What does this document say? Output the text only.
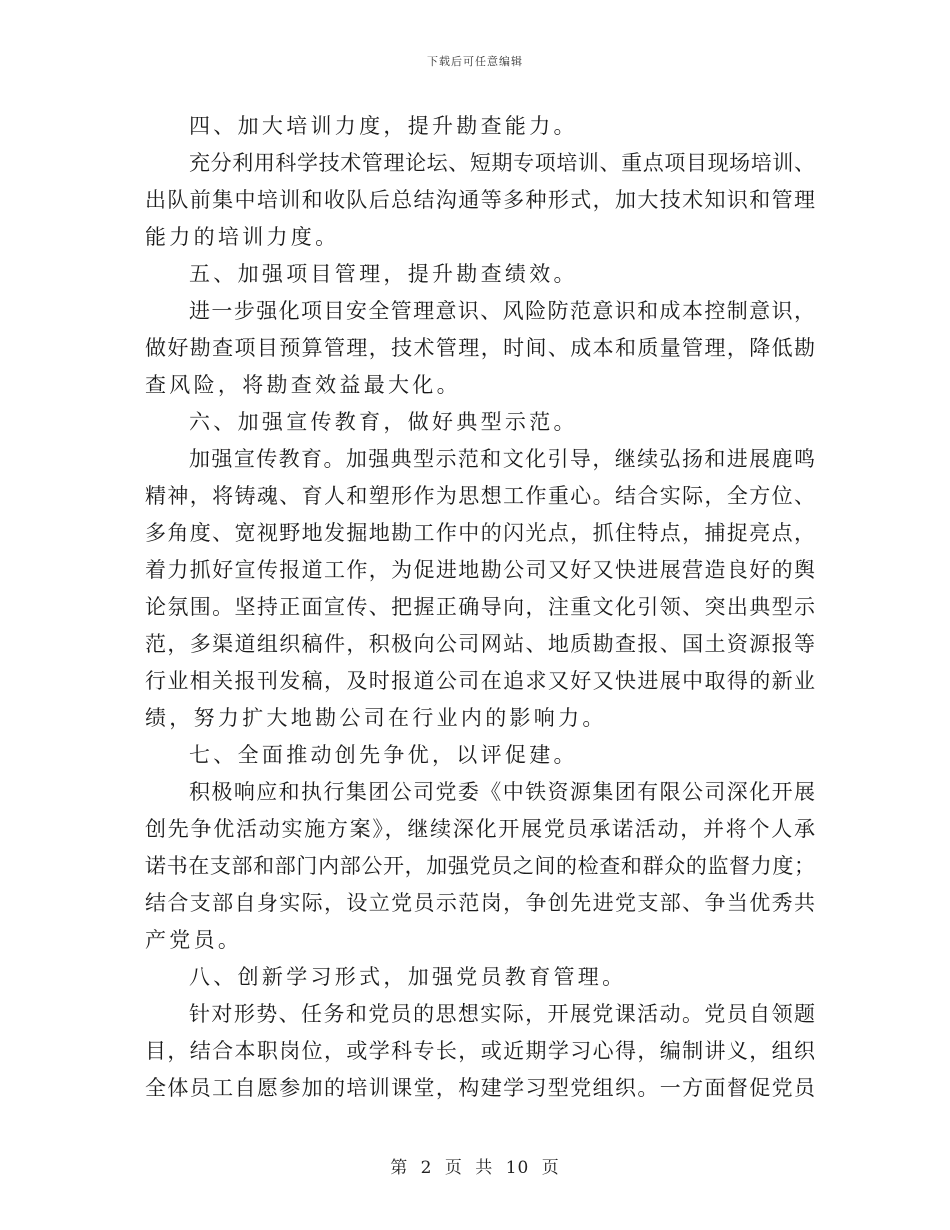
下载后可任意编辑
四、加大培训力度，提升勘查能力。
充分利用科学技术管理论坛、短期专项培训、重点项目现场培训、
出队前集中培训和收队后总结沟通等多种形式，加大技术知识和管理
能力的培训力度。
五、加强项目管理，提升勘查绩效。
进一步强化项目安全管理意识、风险防范意识和成本控制意识，
做好勘查项目预算管理，技术管理，时间、成本和质量管理，降低勘
查风险，将勘查效益最大化。
六、加强宣传教育，做好典型示范。
加强宣传教育。加强典型示范和文化引导，继续弘扬和进展鹿鸣
精神，将铸魂、育人和塑形作为思想工作重心。结合实际，全方位、
多角度、宽视野地发掘地勘工作中的闪光点，抓住特点，捕捉亮点，
着力抓好宣传报道工作，为促进地勘公司又好又快进展营造良好的舆
论氛围。坚持正面宣传、把握正确导向，注重文化引领、突出典型示
范，多渠道组织稿件，积极向公司网站、地质勘查报、国土资源报等
行业相关报刊发稿，及时报道公司在追求又好又快进展中取得的新业
绩，努力扩大地勘公司在行业内的影响力。
七、全面推动创先争优，以评促建。
积极响应和执行集团公司党委《中铁资源集团有限公司深化开展
创先争优活动实施方案》，继续深化开展党员承诺活动，并将个人承
诺书在支部和部门内部公开，加强党员之间的检查和群众的监督力度；
结合支部自身实际，设立党员示范岗，争创先进党支部、争当优秀共
产党员。
八、创新学习形式，加强党员教育管理。
针对形势、任务和党员的思想实际，开展党课活动。党员自领题
目，结合本职岗位，或学科专长，或近期学习心得，编制讲义，组织
全体员工自愿参加的培训课堂，构建学习型党组织。一方面督促党员
第 2 页 共 10 页
